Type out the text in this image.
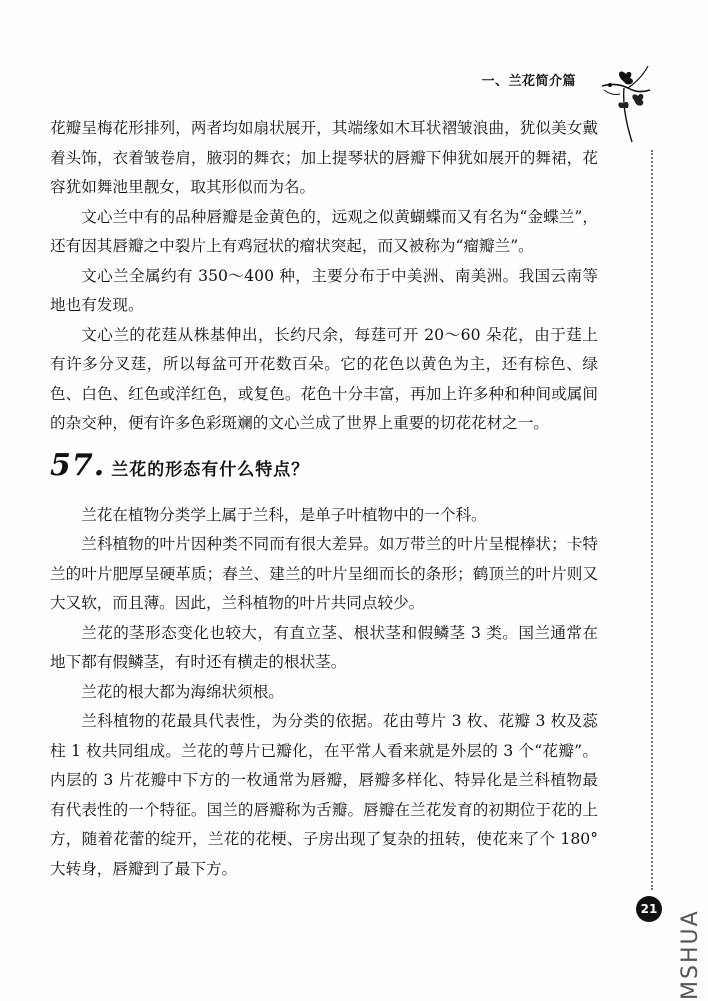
一、兰花简介篇

花瓣呈梅花形排列，两者均如扇状展开，其端缘如木耳状褶皱浪曲，犹似美女戴着头饰，衣着皱卷肩，腋羽的舞衣；加上提琴状的唇瓣下伸犹如展开的舞裙，花容犹如舞池里靓女，取其形似而为名。

文心兰中有的品种唇瓣是金黄色的，远观之似黄蝴蝶而又有名为“金蝶兰”，还有因其唇瓣之中裂片上有鸡冠状的瘤状突起，而又被称为“瘤瓣兰”。

文心兰全属约有 350～400 种，主要分布于中美洲、南美洲。我国云南等地也有发现。

文心兰的花莛从株基伸出，长约尺余，每莛可开 20～60 朵花，由于莛上有许多分叉莛，所以每盆可开花数百朵。它的花色以黄色为主，还有棕色、绿色、白色、红色或洋红色，或复色。花色十分丰富，再加上许多种和种间或属间的杂交种，便有许多色彩斑斓的文心兰成了世界上重要的切花花材之一。

57. 兰花的形态有什么特点？

兰花在植物分类学上属于兰科，是单子叶植物中的一个科。

兰科植物的叶片因种类不同而有很大差异。如万带兰的叶片呈棍棒状；卡特兰的叶片肥厚呈硬革质；春兰、建兰的叶片呈细而长的条形；鹤顶兰的叶片则又大又软，而且薄。因此，兰科植物的叶片共同点较少。

兰花的茎形态变化也较大，有直立茎、根状茎和假鳞茎 3 类。国兰通常在地下都有假鳞茎，有时还有横走的根状茎。

兰花的根大都为海绵状须根。

兰科植物的花最具代表性，为分类的依据。花由萼片 3 枚、花瓣 3 枚及蕊柱 1 枚共同组成。兰花的萼片已瓣化，在平常人看来就是外层的 3 个“花瓣”。内层的 3 片花瓣中下方的一枚通常为唇瓣，唇瓣多样化、特异化是兰科植物最有代表性的一个特征。国兰的唇瓣称为舌瓣。唇瓣在兰花发育的初期位于花的上方，随着花蕾的绽开，兰花的花梗、子房出现了复杂的扭转，使花来了个 180° 大转身，唇瓣到了最下方。

21
MSHUA
